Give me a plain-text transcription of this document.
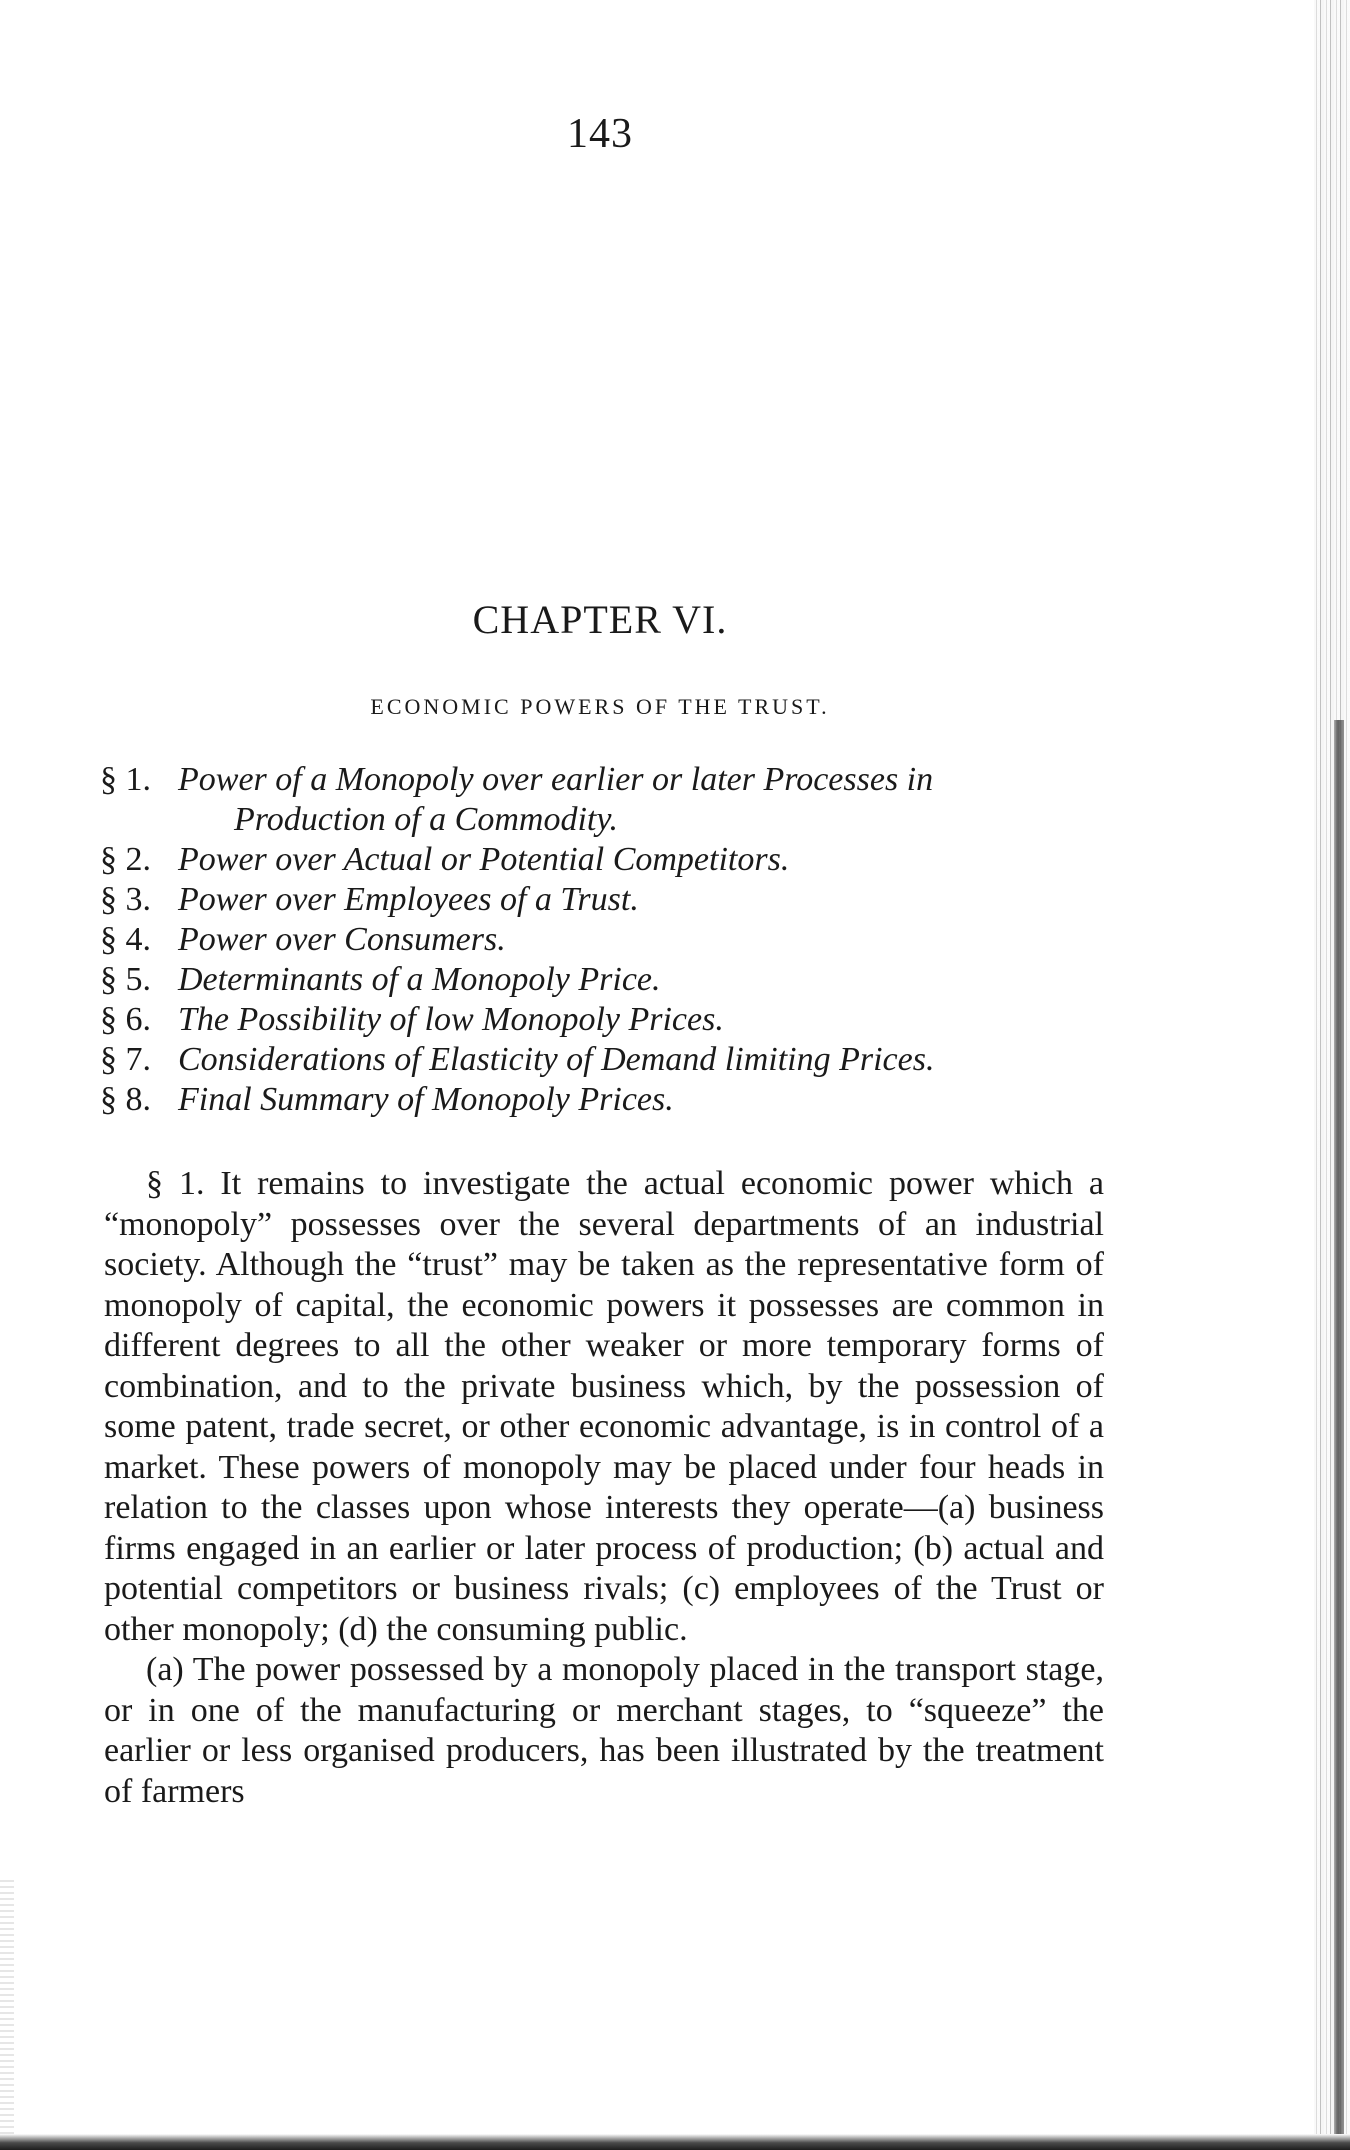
143
CHAPTER VI.
ECONOMIC POWERS OF THE TRUST.
§ 1. Power of a Monopoly over earlier or later Processes in
Production of a Commodity.
§ 2. Power over Actual or Potential Competitors.
§ 3. Power over Employees of a Trust.
§ 4. Power over Consumers.
§ 5. Determinants of a Monopoly Price.
§ 6. The Possibility of low Monopoly Prices.
§ 7. Considerations of Elasticity of Demand limiting Prices.
§ 8. Final Summary of Monopoly Prices.

§ 1. It remains to investigate the actual economic power which a “monopoly” possesses over the several departments of an industrial society. Although the “trust” may be taken as the representative form of monopoly of capital, the economic powers it possesses are common in different degrees to all the other weaker or more temporary forms of combination, and to the private business which, by the possession of some patent, trade secret, or other economic advantage, is in control of a market. These powers of monopoly may be placed under four heads in relation to the classes upon whose interests they operate—(a) business firms engaged in an earlier or later process of production; (b) actual and potential competitors or business rivals; (c) employees of the Trust or other monopoly; (d) the consuming public.

(a) The power possessed by a monopoly placed in the transport stage, or in one of the manufacturing or merchant stages, to “squeeze” the earlier or less organised producers, has been illustrated by the treatment of farmers
